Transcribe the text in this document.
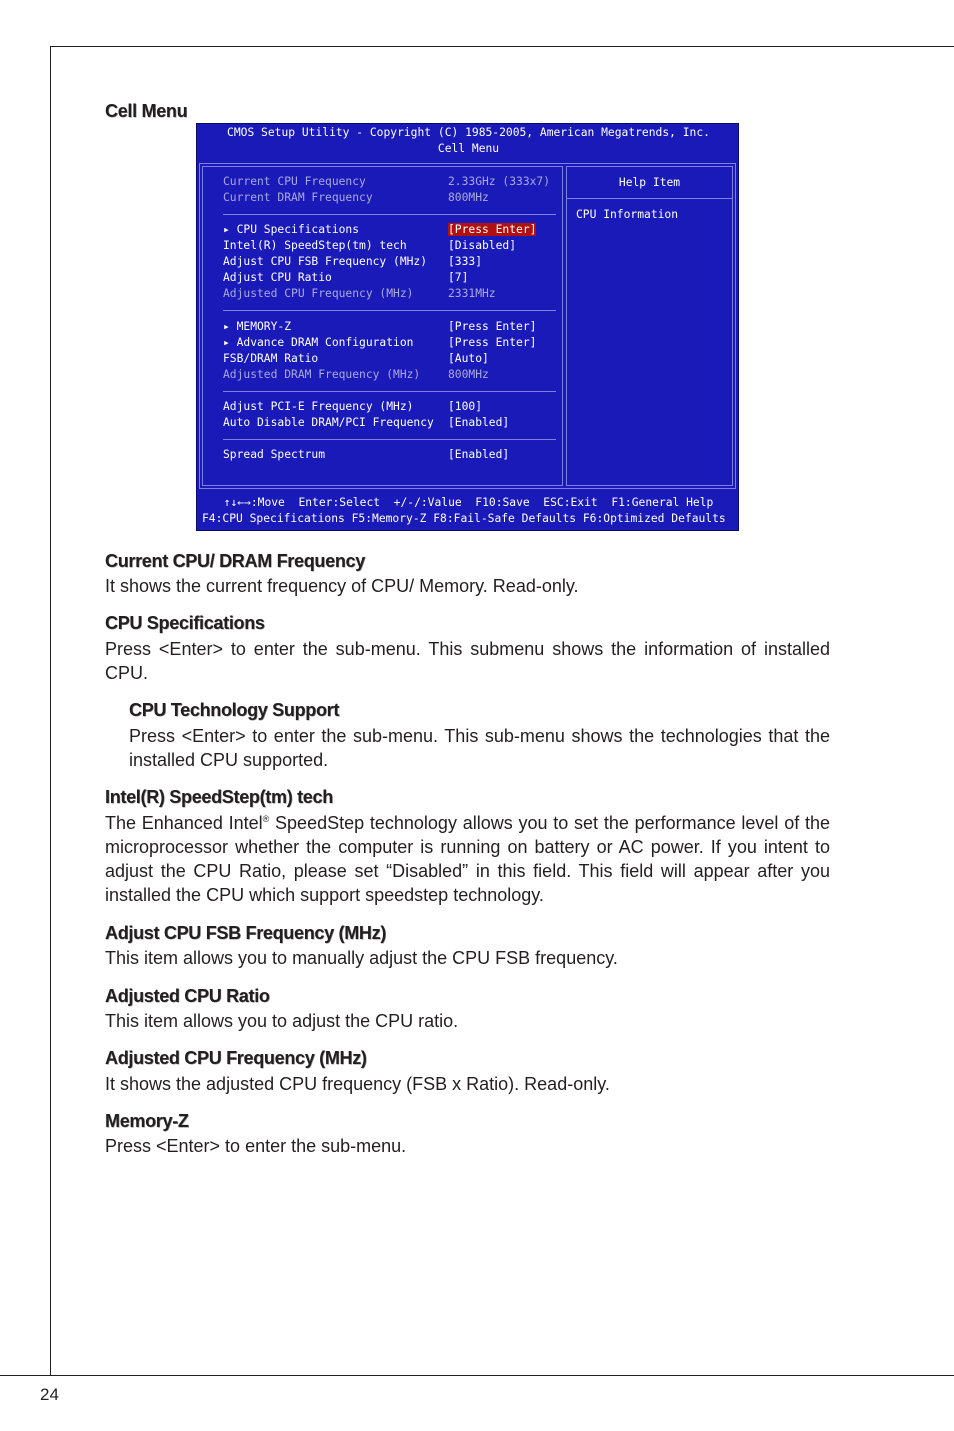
Cell Menu
CMOS Setup Utility - Copyright (C) 1985-2005, American Megatrends, Inc.
Cell Menu
Current CPU Frequency	2.33GHz (333x7)
Current DRAM Frequency	800MHz
▸ CPU Specifications	[Press Enter]
Intel(R) SpeedStep(tm) tech	[Disabled]
Adjust CPU FSB Frequency (MHz) [333]
Adjust CPU Ratio	[7]
Adjusted CPU Frequency (MHz)	2331MHz
▸ MEMORY-Z	[Press Enter]
▸ Advance DRAM Configuration	[Press Enter]
FSB/DRAM Ratio	[Auto]
Adjusted DRAM Frequency (MHz) 800MHz
Adjust PCI-E Frequency (MHz)	[100]
Auto Disable DRAM/PCI Frequency [Enabled]
Spread Spectrum	[Enabled]
Help Item
CPU Information
↑↓←→:Move  Enter:Select  +/-/:Value  F10:Save  ESC:Exit  F1:General Help
F4:CPU Specifications F5:Memory-Z F8:Fail-Safe Defaults F6:Optimized Defaults
Current CPU/ DRAM Frequency
It shows the current frequency of CPU/ Memory. Read-only.
CPU Specifications
Press <Enter> to enter the sub-menu. This submenu shows the information of installed CPU.
CPU Technology Support
Press <Enter> to enter the sub-menu. This sub-menu shows the technologies that the installed CPU supported.
Intel(R) SpeedStep(tm) tech
The Enhanced Intel® SpeedStep technology allows you to set the performance level of the microprocessor whether the computer is running on battery or AC power. If you intent to adjust the CPU Ratio, please set “Disabled” in this field. This field will appear after you installed the CPU which support speedstep technology.
Adjust CPU FSB Frequency (MHz)
This item allows you to manually adjust the CPU FSB frequency.
Adjusted CPU Ratio
This item allows you to adjust the CPU ratio.
Adjusted CPU Frequency (MHz)
It shows the adjusted CPU frequency (FSB x Ratio). Read-only.
Memory-Z
Press <Enter> to enter the sub-menu.
24
